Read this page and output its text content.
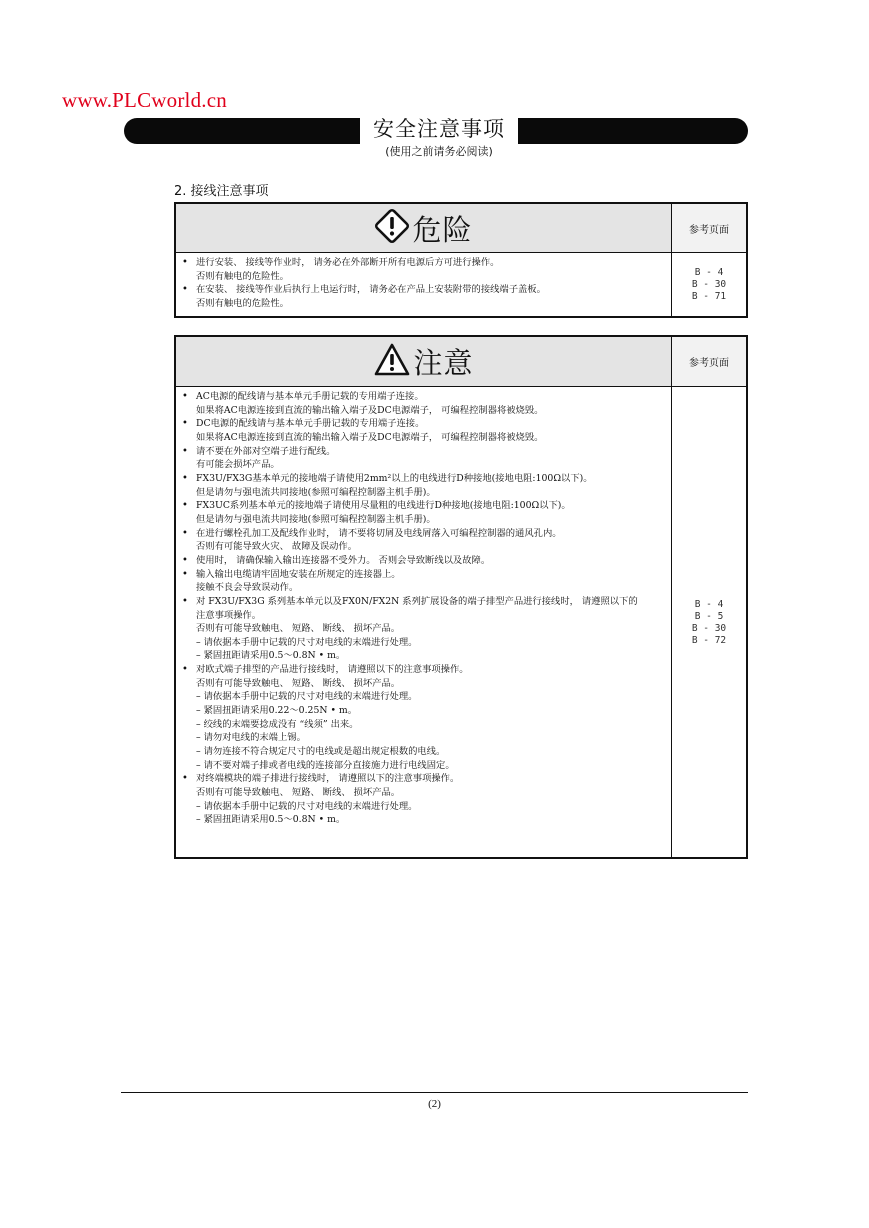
www.PLCworld.cn
安全注意事项
(使用之前请务必阅读)
2. 接线注意事项
危险	参考页面
• 进行安装、 接线等作业时， 请务必在外部断开所有电源后方可进行操作。
否则有触电的危险性。
• 在安装、 接线等作业后执行上电运行时， 请务必在产品上安装附带的接线端子盖板。
否则有触电的危险性。
B - 4
B - 30
B - 71
注意	参考页面
• AC电源的配线请与基本单元手册记载的专用端子连接。
如果将AC电源连接到直流的输出输入端子及DC电源端子， 可编程控制器将被烧毁。
• DC电源的配线请与基本单元手册记载的专用端子连接。
如果将AC电源连接到直流的输出输入端子及DC电源端子， 可编程控制器将被烧毁。
• 请不要在外部对空端子进行配线。
有可能会损坏产品。
• FX3U/FX3G基本单元的接地端子请使用2mm²以上的电线进行D种接地(接地电阻:100Ω以下)。
但是请勿与强电流共同接地(参照可编程控制器主机手册)。
• FX3UC系列基本单元的接地端子请使用尽量粗的电线进行D种接地(接地电阻:100Ω以下)。
但是请勿与强电流共同接地(参照可编程控制器主机手册)。
• 在进行螺栓孔加工及配线作业时， 请不要将切屑及电线屑落入可编程控制器的通风孔内。
否则有可能导致火灾、 故障及误动作。
• 使用时， 请确保输入输出连接器不受外力。 否则会导致断线以及故障。
• 输入输出电缆请牢固地安装在所规定的连接器上。
接触不良会导致误动作。
• 对 FX3U/FX3G 系列基本单元以及FX0N/FX2N 系列扩展设备的端子排型产品进行接线时， 请遵照以下的
注意事项操作。
否则有可能导致触电、 短路、 断线、 损坏产品。
– 请依据本手册中记载的尺寸对电线的末端进行处理。
– 紧固扭距请采用0.5～0.8N • m。
• 对欧式端子排型的产品进行接线时， 请遵照以下的注意事项操作。
否则有可能导致触电、 短路、 断线、 损坏产品。
– 请依据本手册中记载的尺寸对电线的末端进行处理。
– 紧固扭距请采用0.22～0.25N • m。
– 绞线的末端要捻成没有 “线须” 出来。
– 请勿对电线的末端上锡。
– 请勿连接不符合规定尺寸的电线或是超出规定根数的电线。
– 请不要对端子排或者电线的连接部分直接施力进行电线固定。
• 对终端模块的端子排进行接线时， 请遵照以下的注意事项操作。
否则有可能导致触电、 短路、 断线、 损坏产品。
– 请依据本手册中记载的尺寸对电线的末端进行处理。
– 紧固扭距请采用0.5～0.8N • m。
B - 4
B - 5
B - 30
B - 72
(2)
